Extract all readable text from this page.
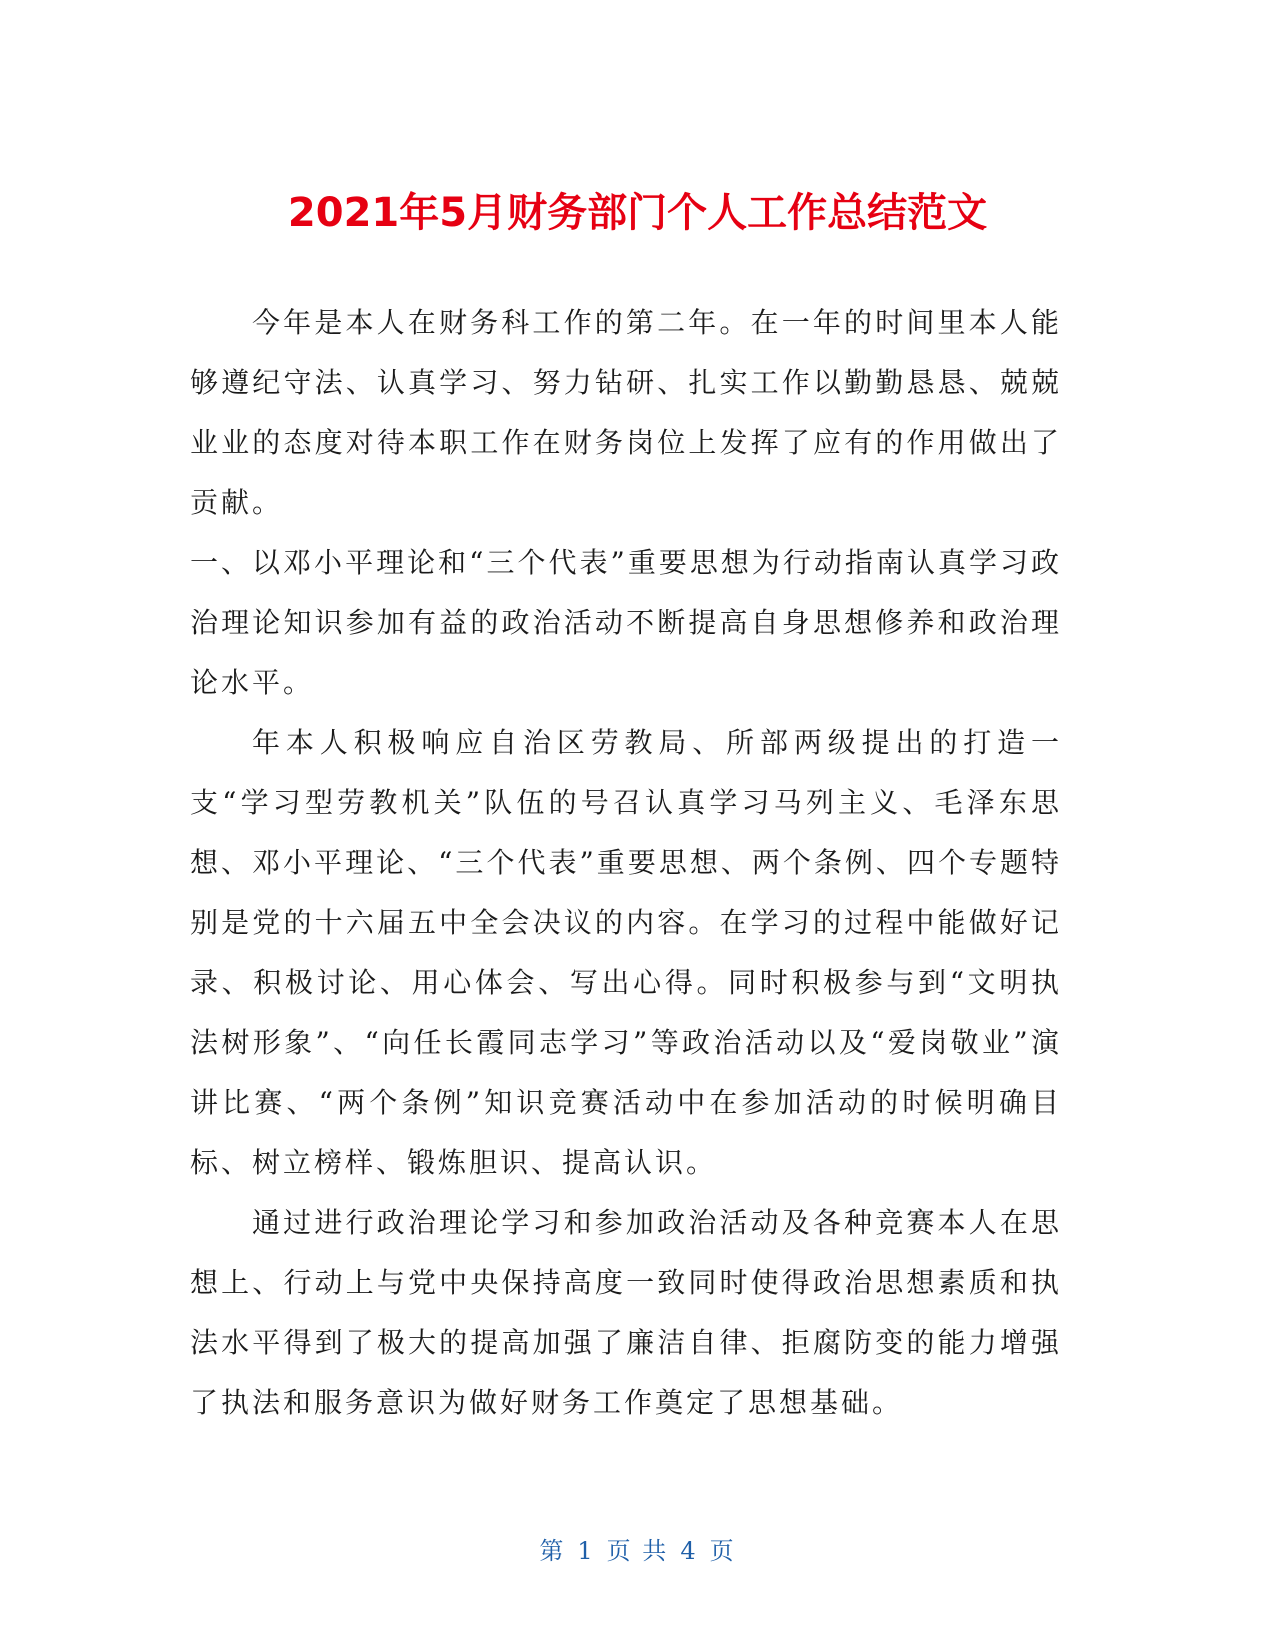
2021年5月财务部门个人工作总结范文

今年是本人在财务科工作的第二年。在一年的时间里本人能够遵纪守法、认真学习、努力钻研、扎实工作以勤勤恳恳、兢兢业业的态度对待本职工作在财务岗位上发挥了应有的作用做出了贡献。

一、以邓小平理论和“三个代表”重要思想为行动指南认真学习政治理论知识参加有益的政治活动不断提高自身思想修养和政治理论水平。

年本人积极响应自治区劳教局、所部两级提出的打造一支“学习型劳教机关”队伍的号召认真学习马列主义、毛泽东思想、邓小平理论、“三个代表”重要思想、两个条例、四个专题特别是党的十六届五中全会决议的内容。在学习的过程中能做好记录、积极讨论、用心体会、写出心得。同时积极参与到“文明执法树形象”、“向任长霞同志学习”等政治活动以及“爱岗敬业”演讲比赛、“两个条例”知识竞赛活动中在参加活动的时候明确目标、树立榜样、锻炼胆识、提高认识。

通过进行政治理论学习和参加政治活动及各种竞赛本人在思想上、行动上与党中央保持高度一致同时使得政治思想素质和执法水平得到了极大的提高加强了廉洁自律、拒腐防变的能力增强了执法和服务意识为做好财务工作奠定了思想基础。

第 1 页 共 4 页
